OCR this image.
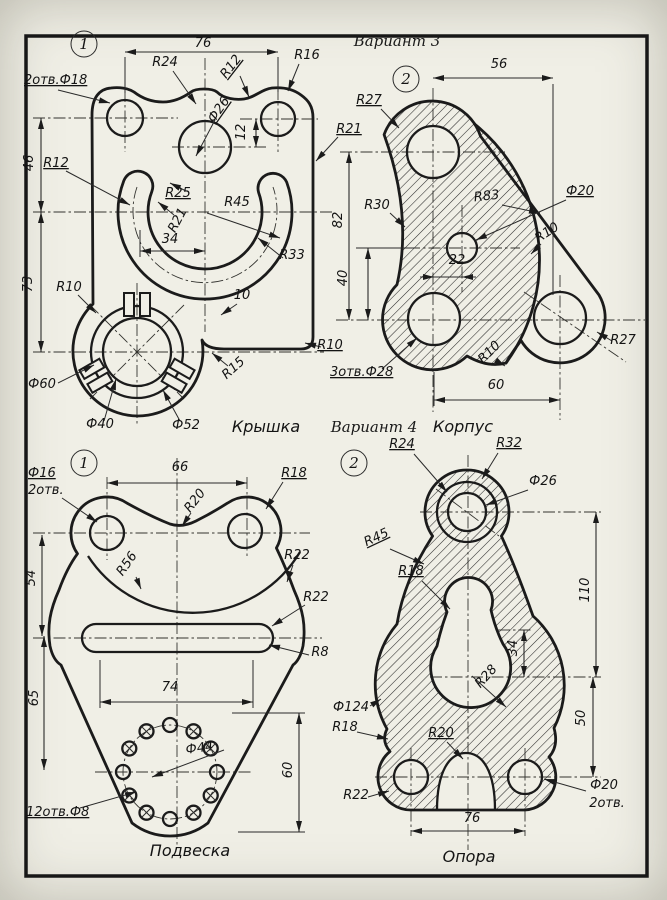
2отв.Ф18
76
R24	R12	R16
Ф26
12
46 R12
R25
R21
R45
34
R33
73 R10
10
R10
R15
Ф60
Ф40	Ф52 Крышка
1	Вариант 3
R21
R27
56
R30
R83	Ф20
R10
82
40
22
3отв.Ф28
R10	R27
60
Корпус
2
Ф16
2отв.
66
R20
R18
R56	R22
R22
R8
54
65
74
Ф44
60
12отв.Ф8
Подвеска
1
Вариант 4
R24	R32
Ф26
R45
R18
110
34
R28
Ф124
R18	R20
50
R22
Ф20
2отв.
76
Опора
2
